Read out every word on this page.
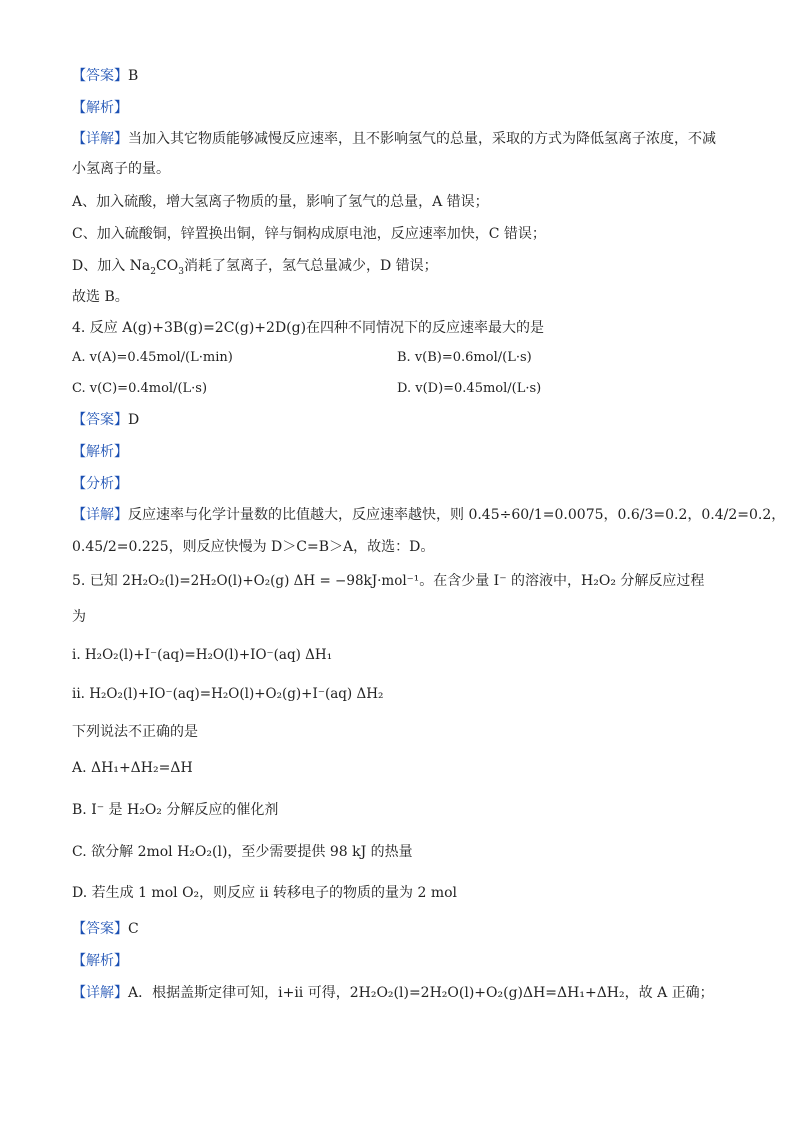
【答案】B
【解析】
【详解】当加入其它物质能够减慢反应速率，且不影响氢气的总量，采取的方式为降低氢离子浓度，不减
小氢离子的量。
A、加入硫酸，增大氢离子物质的量，影响了氢气的总量，A 错误；
C、加入硫酸铜，锌置换出铜，锌与铜构成原电池，反应速率加快，C 错误；
D、加入 $Na_2CO_3$消耗了氢离子，氢气总量减少，D 错误；
故选 B。
4. 反应 A(g)+3B(g)=2C(g)+2D(g)在四种不同情况下的反应速率最大的是
A. v(A)=0.45mol/(L·min)	B. v(B)=0.6mol/(L·s)
C. v(C)=0.4mol/(L·s)	D. v(D)=0.45mol/(L·s)
【答案】D
【解析】
【分析】
【详解】反应速率与化学计量数的比值越大，反应速率越快，则 0.45÷60/1=0.0075，0.6/3=0.2，0.4/2=0.2，
0.45/2=0.225，则反应快慢为 D＞C=B＞A，故选：D。
5. 已知 2H₂O₂(l)=2H₂O(l)+O₂(g) ΔH = −98kJ·mol⁻¹。在含少量 I⁻ 的溶液中，H₂O₂ 分解反应过程
为
i. H₂O₂(l)+I⁻(aq)=H₂O(l)+IO⁻(aq) ΔH₁
ii. H₂O₂(l)+IO⁻(aq)=H₂O(l)+O₂(g)+I⁻(aq) ΔH₂
下列说法不正确的是
A. ΔH₁+ΔH₂=ΔH
B. I⁻ 是 H₂O₂ 分解反应的催化剂
C. 欲分解 2mol H₂O₂(l)，至少需要提供 98 kJ 的热量
D. 若生成 1 mol O₂，则反应 ii 转移电子的物质的量为 2 mol
【答案】C
【解析】
【详解】A．根据盖斯定律可知，i+ii 可得，2H₂O₂(l)=2H₂O(l)+O₂(g)ΔH=ΔH₁+ΔH₂，故 A 正确；
